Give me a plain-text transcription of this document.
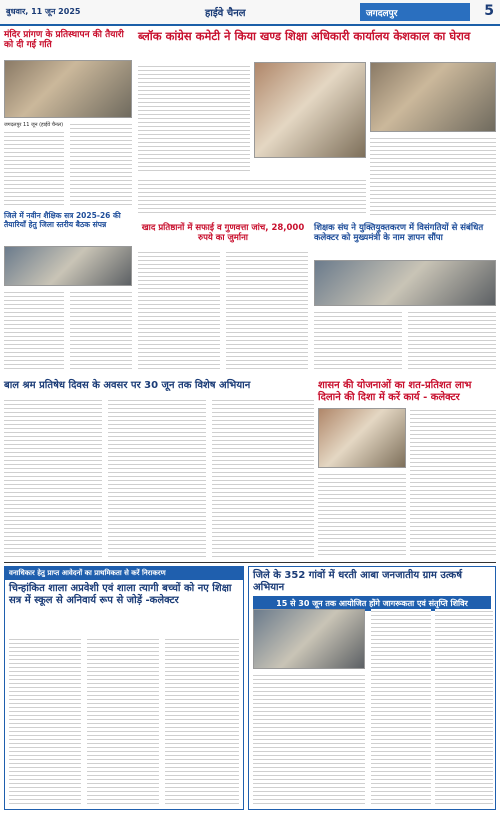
बुधवार, 11 जून 2025	हाईवे चैनल	जगदलपुर	5
मंदिर प्रांगण के प्रतिस्थापन की तैयारी को दी गई गति
जगदलपुर 11 जून (हाईवे चैनल)
जिले में नवीन शैक्षिक सत्र 2025-26 की तैयारियाँ हेतु जिला स्तरीय बैठक संपन्न
ब्लॉक कांग्रेस कमेटी ने किया खण्ड शिक्षा अधिकारी कार्यालय केशकाल का घेराव
खाद प्रतिष्ठानों में सफाई व गुणवत्ता जांच, 28,000 रुपये का जुर्माना
शिक्षक संघ ने युक्तियुक्तकरण में विसंगतियों से संबंधित कलेक्टर को मुख्यमंत्री के नाम ज्ञापन सौंपा
बाल श्रम प्रतिषेध दिवस के अवसर पर 30 जून तक विशेष अभियान	शासन की योजनाओं का शत-प्रतिशत लाभ दिलाने की दिशा में करें कार्य - कलेक्टर
वनाधिकार हेतु प्राप्त आवेदनों का प्राथमिकता से करें निराकरण
चिन्हांकित शाला अप्रवेशी एवं शाला त्यागी बच्चों को नए शिक्षा सत्र में स्कूल से अनिवार्य रूप से जोड़ें -कलेक्टर
जिले के 352 गांवों में धरती आबा जनजातीय ग्राम उत्कर्ष अभियान
15 से 30 जून तक आयोजित होंगे जागरूकता एवं संतृप्ति शिविर
